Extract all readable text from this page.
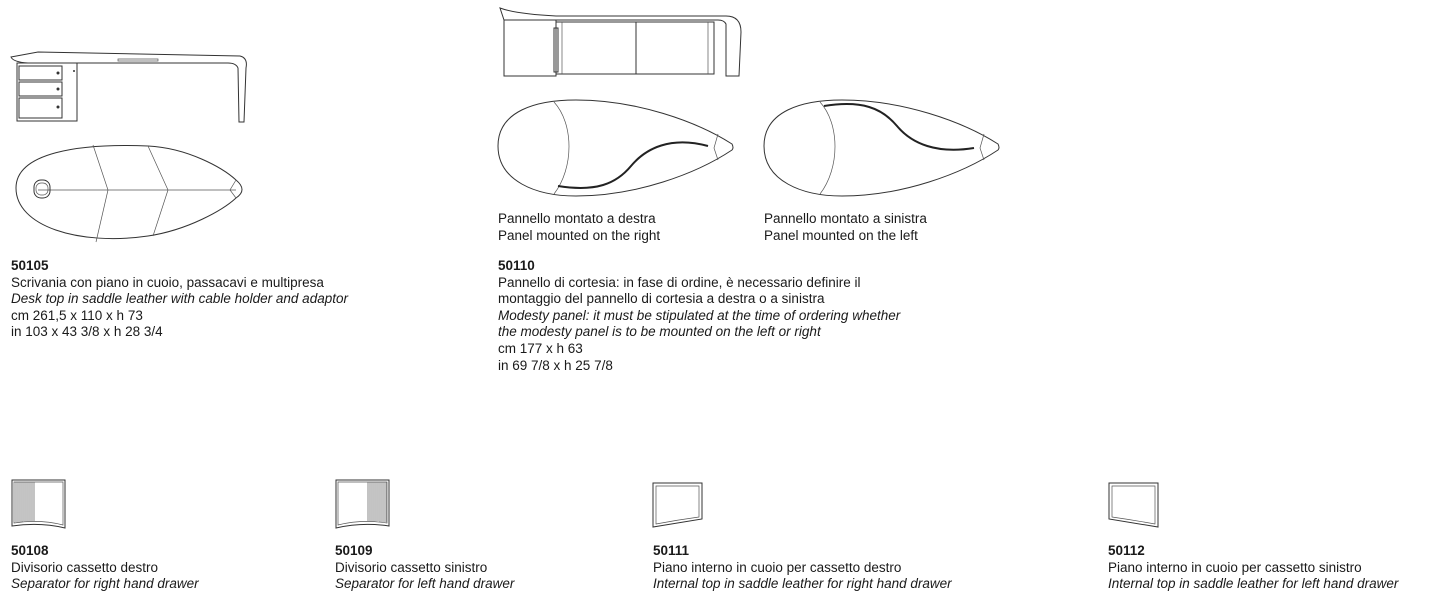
Pannello montato a destra
Panel mounted on the right
Pannello montato a sinistra
Panel mounted on the left
50105
Scrivania con piano in cuoio, passacavi e multipresa
Desk top in saddle leather with cable holder and adaptor
cm 261,5 x 110 x h 73
in 103 x 43 3/8 x h 28 3/4
50110
Pannello di cortesia: in fase di ordine, è necessario definire il
montaggio del pannello di cortesia a destra o a sinistra
Modesty panel: it must be stipulated at the time of ordering whether
the modesty panel is to be mounted on the left or right
cm 177 x h 63
in 69 7/8 x h 25 7/8
50108
Divisorio cassetto destro
Separator for right hand drawer
50109
Divisorio cassetto sinistro
Separator for left hand drawer
50111
Piano interno in cuoio per cassetto destro
Internal top in saddle leather for right hand drawer
50112
Piano interno in cuoio per cassetto sinistro
Internal top in saddle leather for left hand drawer
